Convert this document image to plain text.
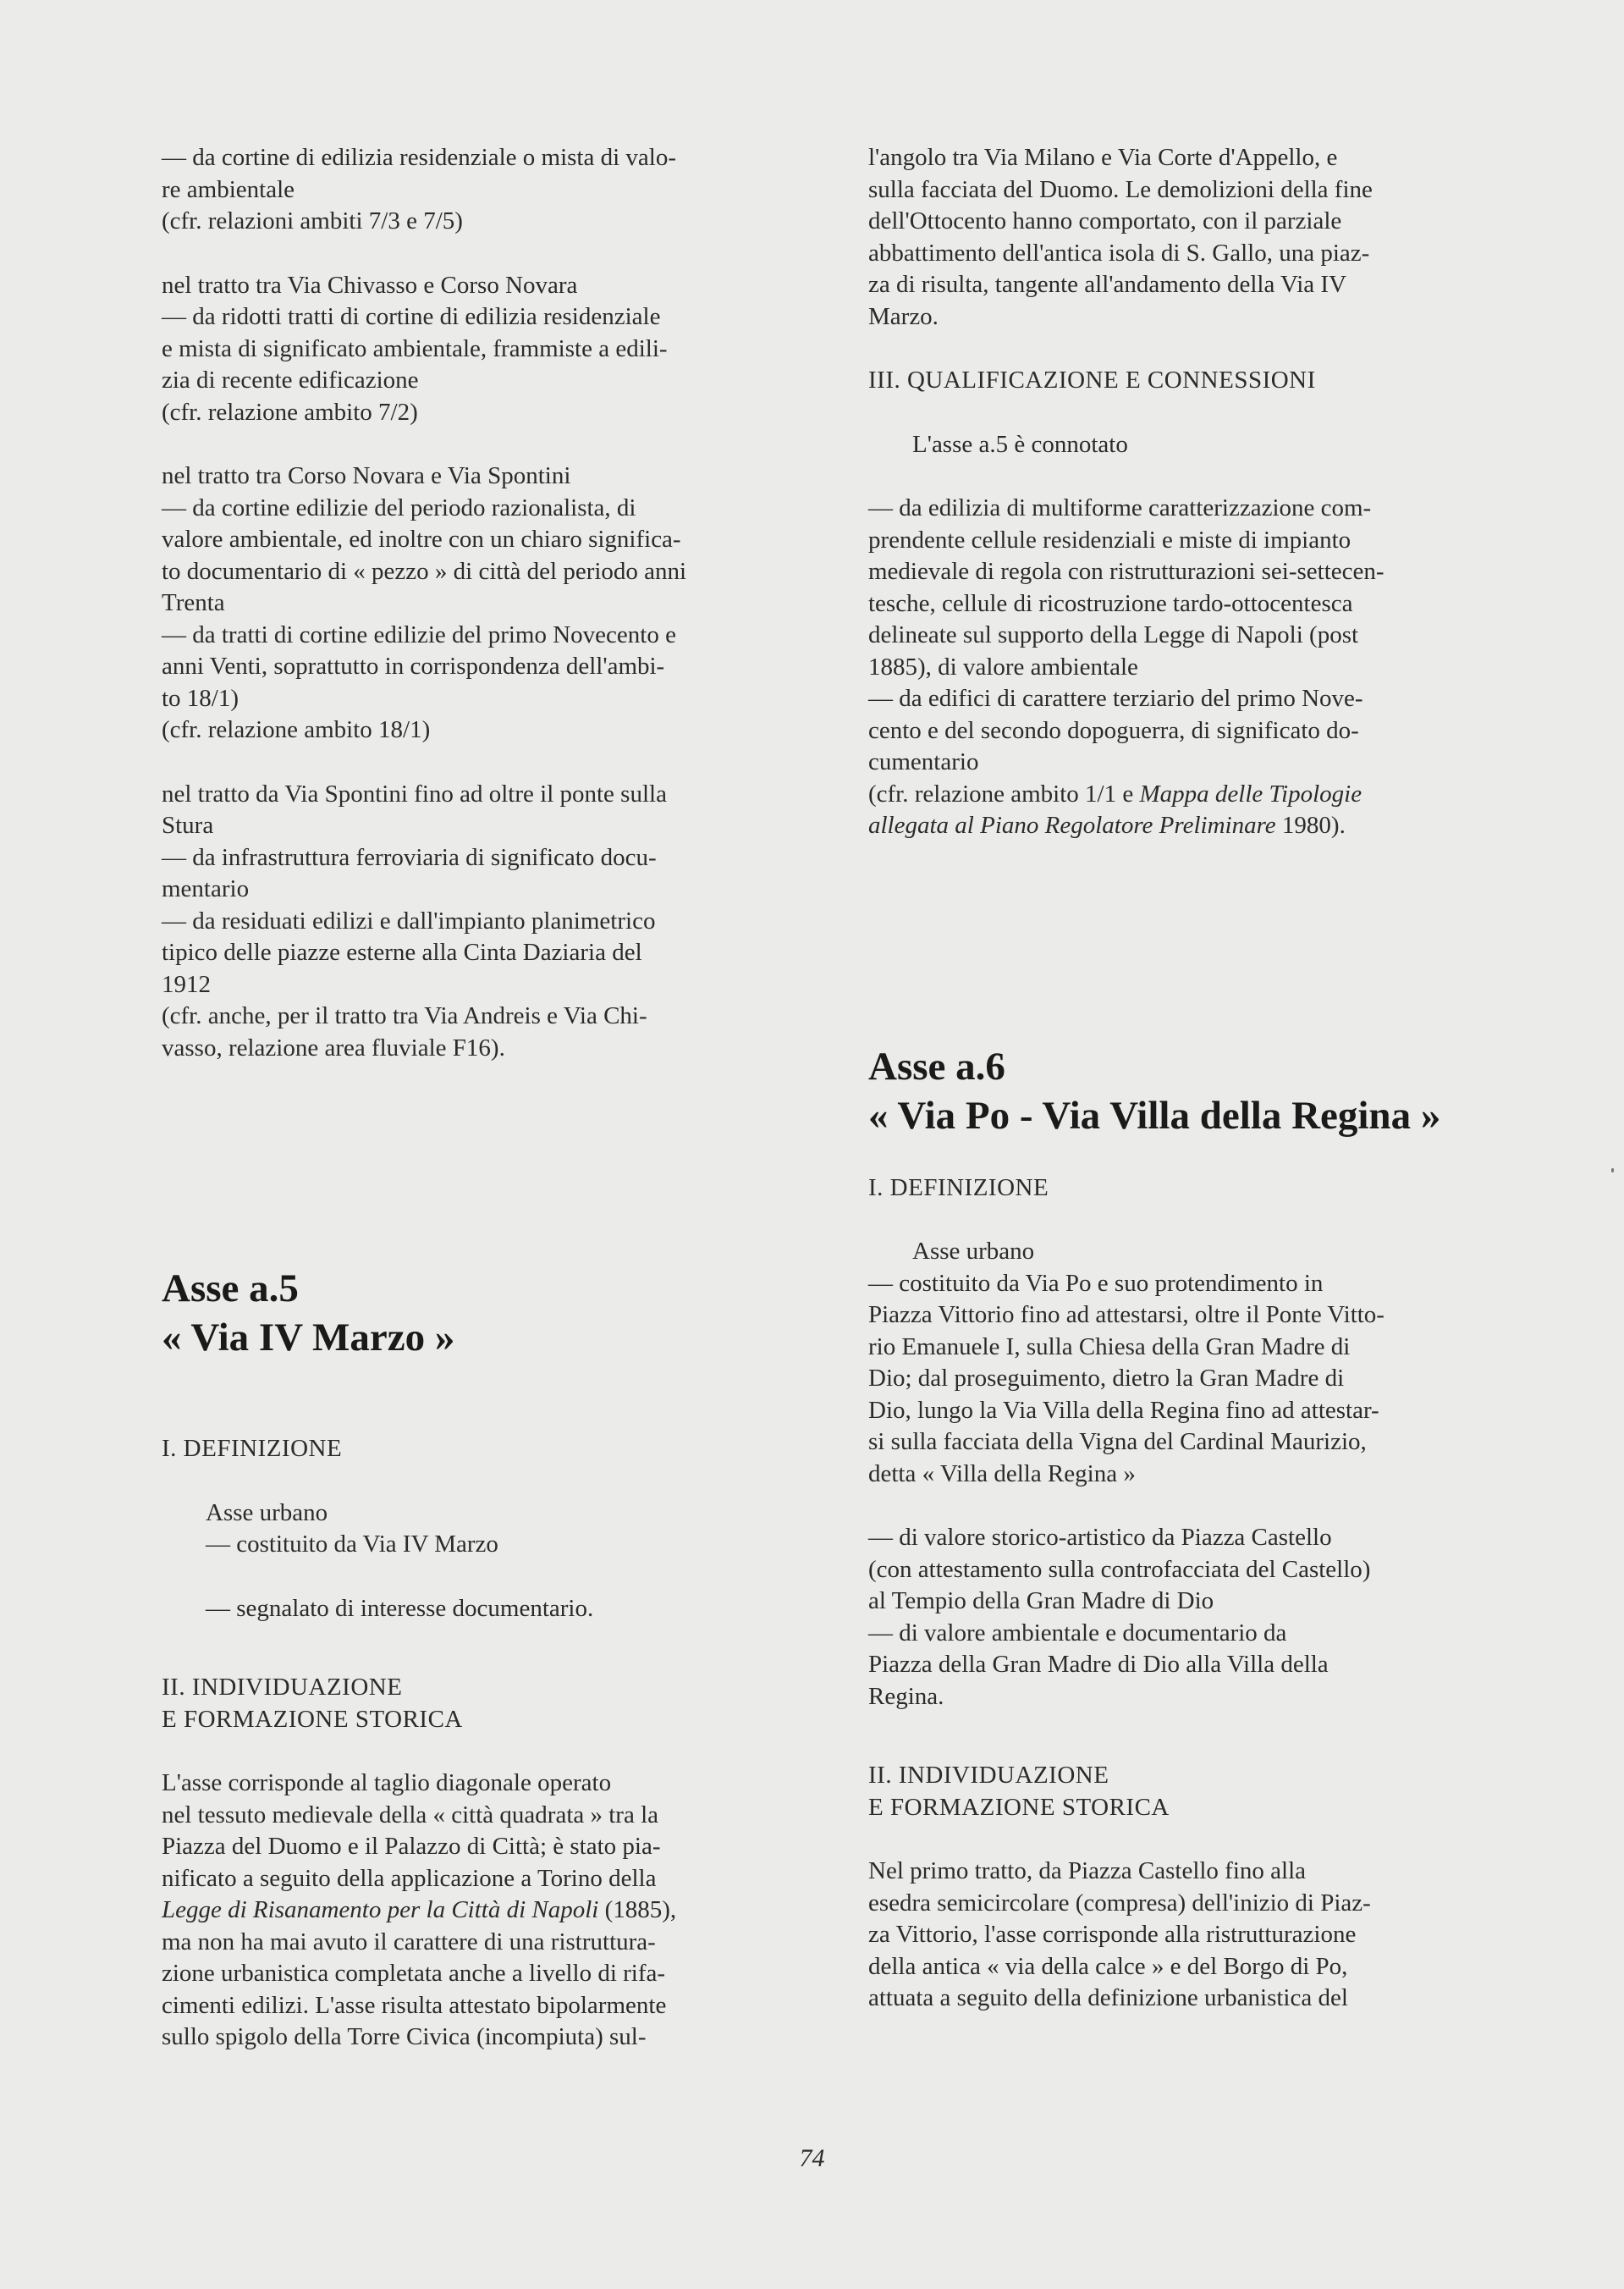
— da cortine di edilizia residenziale o mista di valo-
re ambientale
(cfr. relazioni ambiti 7/3 e 7/5)

nel tratto tra Via Chivasso e Corso Novara
— da ridotti tratti di cortine di edilizia residenziale
e mista di significato ambientale, frammiste a edili-
zia di recente edificazione
(cfr. relazione ambito 7/2)

nel tratto tra Corso Novara e Via Spontini
— da cortine edilizie del periodo razionalista, di
valore ambientale, ed inoltre con un chiaro significa-
to documentario di « pezzo » di città del periodo anni
Trenta
— da tratti di cortine edilizie del primo Novecento e
anni Venti, soprattutto in corrispondenza dell'ambi-
to 18/1)
(cfr. relazione ambito 18/1)

nel tratto da Via Spontini fino ad oltre il ponte sulla
Stura
— da infrastruttura ferroviaria di significato docu-
mentario
— da residuati edilizi e dall'impianto planimetrico
tipico delle piazze esterne alla Cinta Daziaria del
1912
(cfr. anche, per il tratto tra Via Andreis e Via Chi-
vasso, relazione area fluviale F16).

Asse a.5
« Via IV Marzo »

I. DEFINIZIONE

Asse urbano
— costituito da Via IV Marzo

— segnalato di interesse documentario.

II. INDIVIDUAZIONE
E FORMAZIONE STORICA

L'asse corrisponde al taglio diagonale operato
nel tessuto medievale della « città quadrata » tra la
Piazza del Duomo e il Palazzo di Città; è stato pia-
nificato a seguito della applicazione a Torino della
Legge di Risanamento per la Città di Napoli (1885),
ma non ha mai avuto il carattere di una ristruttura-
zione urbanistica completata anche a livello di rifa-
cimenti edilizi. L'asse risulta attestato bipolarmente
sullo spigolo della Torre Civica (incompiuta) sul-

l'angolo tra Via Milano e Via Corte d'Appello, e
sulla facciata del Duomo. Le demolizioni della fine
dell'Ottocento hanno comportato, con il parziale
abbattimento dell'antica isola di S. Gallo, una piaz-
za di risulta, tangente all'andamento della Via IV
Marzo.

III. QUALIFICAZIONE E CONNESSIONI

L'asse a.5 è connotato

— da edilizia di multiforme caratterizzazione com-
prendente cellule residenziali e miste di impianto
medievale di regola con ristrutturazioni sei-settecen-
tesche, cellule di ricostruzione tardo-ottocentesca
delineate sul supporto della Legge di Napoli (post
1885), di valore ambientale
— da edifici di carattere terziario del primo Nove-
cento e del secondo dopoguerra, di significato do-
cumentario
(cfr. relazione ambito 1/1 e Mappa delle Tipologie
allegata al Piano Regolatore Preliminare 1980).

Asse a.6
« Via Po - Via Villa della Regina »

I. DEFINIZIONE

Asse urbano

— costituito da Via Po e suo protendimento in
Piazza Vittorio fino ad attestarsi, oltre il Ponte Vitto-
rio Emanuele I, sulla Chiesa della Gran Madre di
Dio; dal proseguimento, dietro la Gran Madre di
Dio, lungo la Via Villa della Regina fino ad attestar-
si sulla facciata della Vigna del Cardinal Maurizio,
detta « Villa della Regina »

— di valore storico-artistico da Piazza Castello
(con attestamento sulla controfacciata del Castello)
al Tempio della Gran Madre di Dio
— di valore ambientale e documentario da
Piazza della Gran Madre di Dio alla Villa della
Regina.

II. INDIVIDUAZIONE
E FORMAZIONE STORICA

Nel primo tratto, da Piazza Castello fino alla
esedra semicircolare (compresa) dell'inizio di Piaz-
za Vittorio, l'asse corrisponde alla ristrutturazione
della antica « via della calce » e del Borgo di Po,
attuata a seguito della definizione urbanistica del

74
